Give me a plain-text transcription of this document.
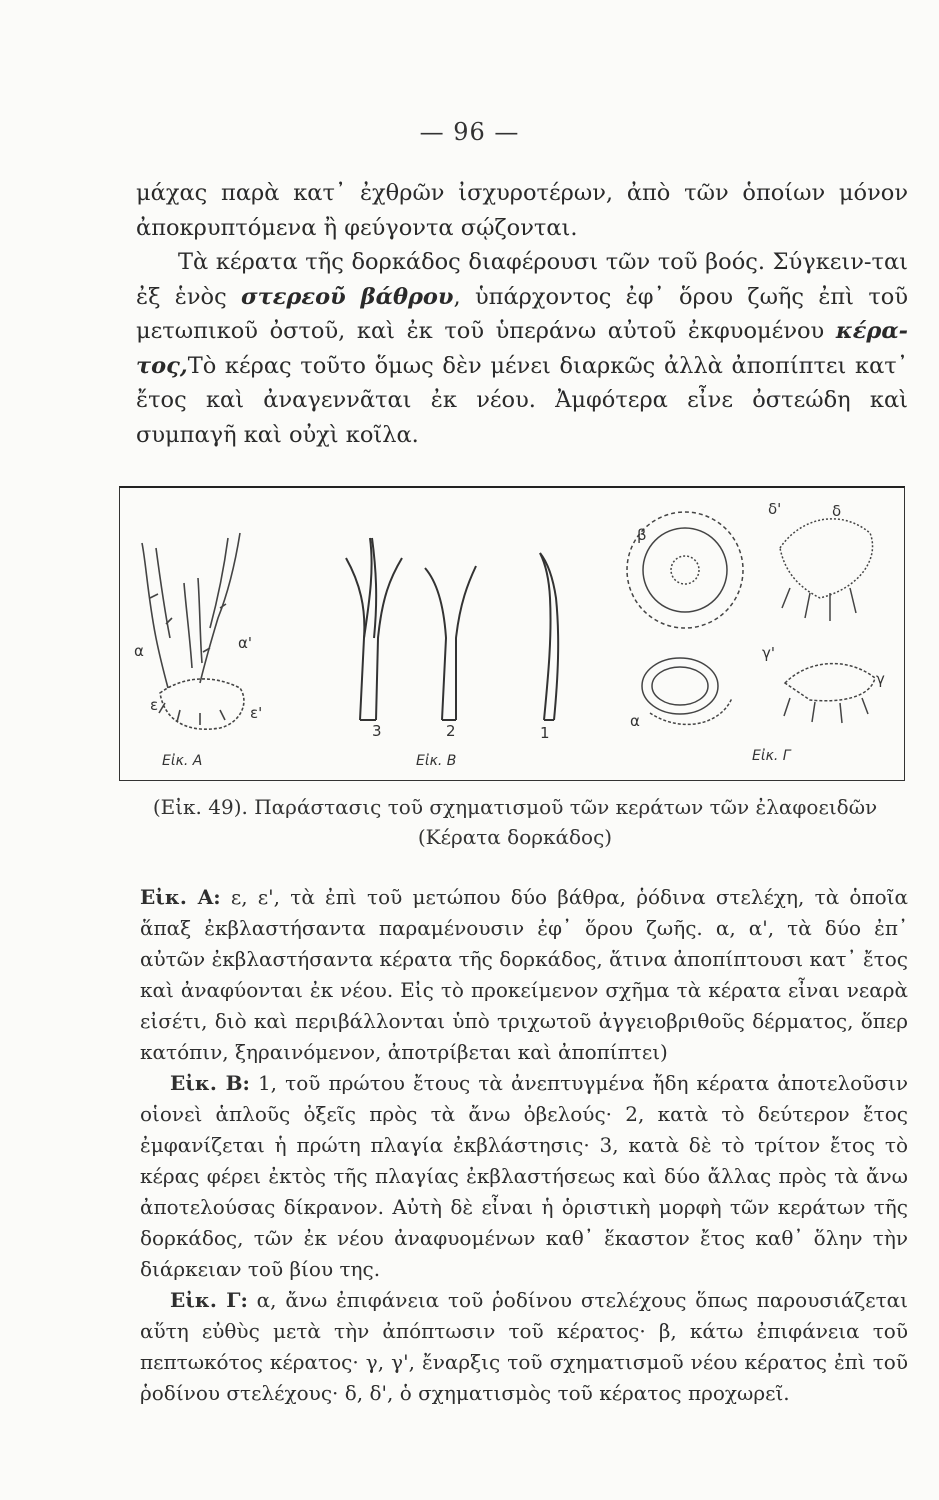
— 96 —

μάχας παρὰ κατ᾽ ἐχθρῶν ἰσχυροτέρων, ἀπὸ τῶν ὁποίων μόνον ἀποκρυπτόμενα ἢ φεύγοντα σῴζονται.

Τὰ κέρατα τῆς δορκάδος διαφέρουσι τῶν τοῦ βοός. Σύγκειν-ται ἐξ ἑνὸς στερεοῦ βάθρου, ὑπάρχοντος ἐφ᾽ ὅρου ζωῆς ἐπὶ τοῦ μετωπικοῦ ὀστοῦ, καὶ ἐκ τοῦ ὑπεράνω αὐτοῦ ἐκφυομένου κέρα-τος,Τὸ κέρας τοῦτο ὅμως δὲν μένει διαρκῶς ἀλλὰ ἀποπίπτει κατ᾽ ἔτος καὶ ἀναγεννᾶται ἐκ νέου. Ἀμφότερα εἶνε ὀστεώδη καὶ συμπαγῆ καὶ οὐχὶ κοῖλα.

α	α'
ε	ε'
Εἰκ. Α
3	2	1
Εἰκ. Β
β
α
γ'
γ
δ'	δ
Εἰκ. Γ
(Εἰκ. 49). Παράστασις τοῦ σχηματισμοῦ τῶν κεράτων τῶν ἐλαφοειδῶν
(Κέρατα δορκάδος)

Εἰκ. Α: ε, ε', τὰ ἐπὶ τοῦ μετώπου δύο βάθρα, ῥόδινα στελέχη, τὰ ὁποῖα ἅπαξ ἐκβλαστήσαντα παραμένουσιν ἐφ᾽ ὅρου ζωῆς. α, α', τὰ δύο ἐπ᾽ αὐτῶν ἐκβλαστήσαντα κέρατα τῆς δορκάδος, ἅτινα ἀποπίπτουσι κατ᾽ ἔτος καὶ ἀναφύονται ἐκ νέου. Εἰς τὸ προκείμενον σχῆμα τὰ κέρατα εἶναι νεαρὰ εἰσέτι, διὸ καὶ περιβάλλονται ὑπὸ τριχωτοῦ ἀγγειοβριθοῦς δέρματος, ὅπερ κατόπιν, ξηραινόμενον, ἀποτρίβεται καὶ ἀποπίπτει)

Εἰκ. Β: 1, τοῦ πρώτου ἔτους τὰ ἀνεπτυγμένα ἤδη κέρατα ἀποτελοῦσιν οἱονεὶ ἁπλοῦς ὀξεῖς πρὸς τὰ ἄνω ὀβελούς· 2, κατὰ τὸ δεύτερον ἔτος ἐμφανίζεται ἡ πρώτη πλαγία ἐκβλάστησις· 3, κατὰ δὲ τὸ τρίτον ἔτος τὸ κέρας φέρει ἐκτὸς τῆς πλαγίας ἐκβλαστήσεως καὶ δύο ἄλλας πρὸς τὰ ἄνω ἀποτελούσας δίκρανον. Αὐτὴ δὲ εἶναι ἡ ὁριστικὴ μορφὴ τῶν κεράτων τῆς δορκάδος, τῶν ἐκ νέου ἀναφυομένων καθ᾽ ἕκαστον ἔτος καθ᾽ ὅλην τὴν διάρκειαν τοῦ βίου της.

Εἰκ. Γ: α, ἄνω ἐπιφάνεια τοῦ ῥοδίνου στελέχους ὅπως παρουσιάζεται αὕτη εὐθὺς μετὰ τὴν ἀπόπτωσιν τοῦ κέρατος· β, κάτω ἐπιφάνεια τοῦ πεπτωκότος κέρατος· γ, γ', ἔναρξις τοῦ σχηματισμοῦ νέου κέρατος ἐπὶ τοῦ ῥοδίνου στελέχους· δ, δ', ὁ σχηματισμὸς τοῦ κέρατος προχωρεῖ.
